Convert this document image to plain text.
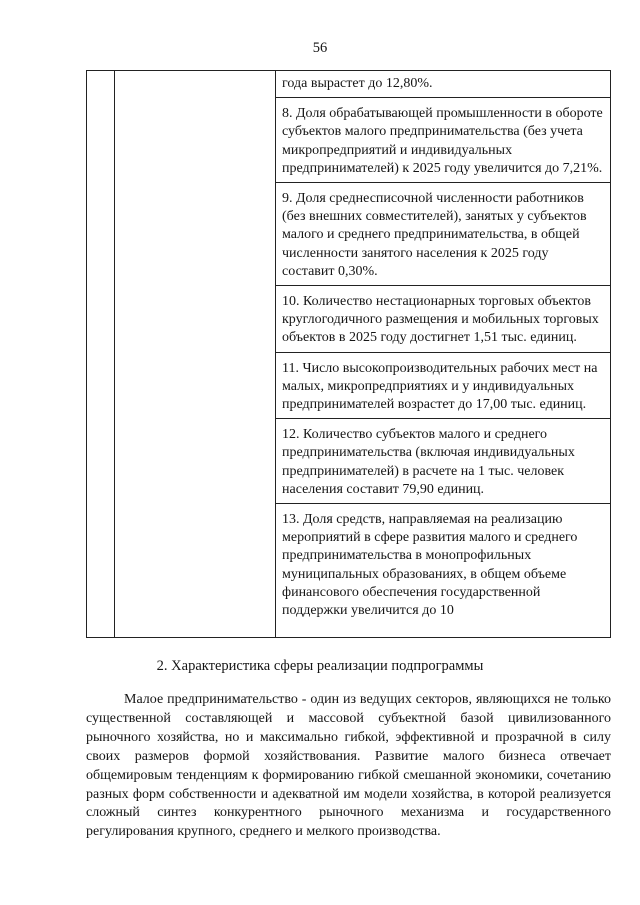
56

года вырастет до 12,80%.
8. Доля обрабатывающей промышленности в обороте субъектов малого предпринимательства (без учета микропредприятий и индивидуальных предпринимателей) к 2025 году увеличится до 7,21%.
9. Доля среднесписочной численности работников (без внешних совместителей), занятых у субъектов малого и среднего предпринимательства, в общей численности занятого населения к 2025 году составит 0,30%.
10. Количество нестационарных торговых объектов круглогодичного размещения и мобильных торговых объектов в 2025 году достигнет 1,51 тыс. единиц.
11. Число высокопроизводительных рабочих мест на малых, микропредприятиях и у индивидуальных предпринимателей возрастет до 17,00 тыс. единиц.
12. Количество субъектов малого и среднего предпринимательства (включая индивидуальных предпринимателей) в расчете на 1 тыс. человек населения составит 79,90 единиц.
13. Доля средств, направляемая на реализацию мероприятий в сфере развития малого и среднего предпринимательства в монопрофильных муниципальных образованиях, в общем объеме финансового обеспечения государственной поддержки увеличится до 10
2. Характеристика сферы реализации подпрограммы

Малое предпринимательство - один из ведущих секторов, являющихся не только существенной составляющей и массовой субъектной базой цивилизованного рыночного хозяйства, но и максимально гибкой, эффективной и прозрачной в силу своих размеров формой хозяйствования. Развитие малого бизнеса отвечает общемировым тенденциям к формированию гибкой смешанной экономики, сочетанию разных форм собственности и адекватной им модели хозяйства, в которой реализуется сложный синтез конкурентного рыночного механизма и государственного регулирования крупного, среднего и мелкого производства.
